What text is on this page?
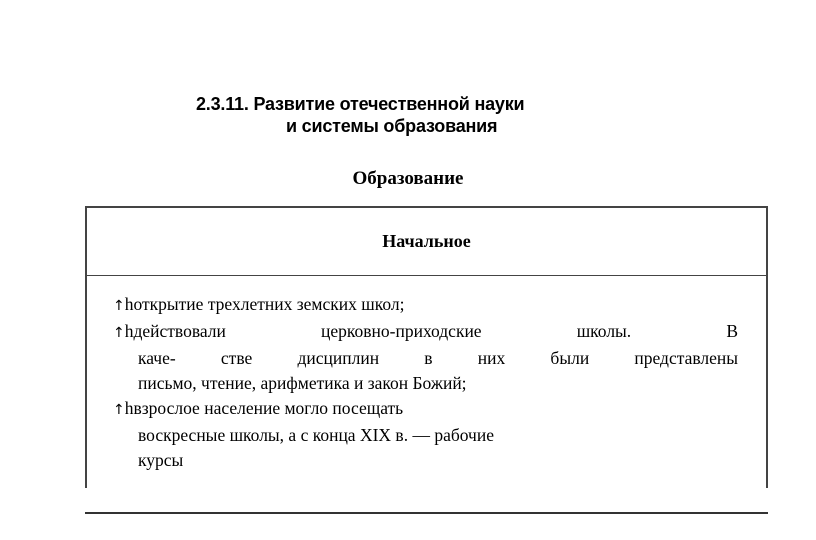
2.3.11. Развитие отечественной науки
и системы образования
Образование
Начальное
↑hоткрытие трехлетних земских школ;
↑hдействовали церковно-приходские школы. В
каче- стве дисциплин в них были представлены
письмо, чтение, арифметика и закон Божий;
↑hвзрослое население могло посещать
воскресные школы, а с конца XIX в. — рабочие
курсы
